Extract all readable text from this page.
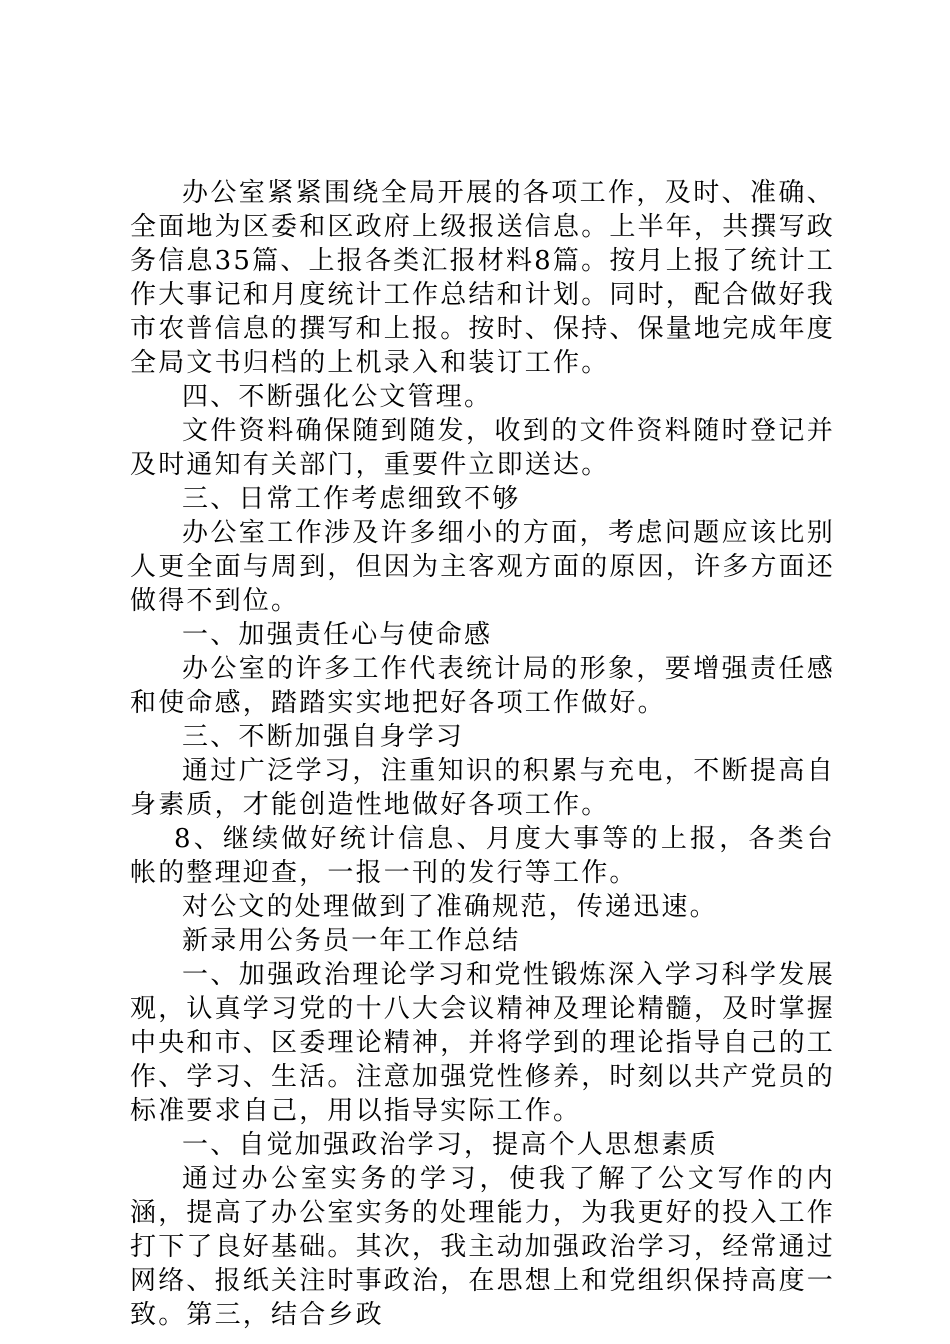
办公室紧紧围绕全局开展的各项工作，及时、准确、全面地为区委和区政府上级报送信息。上半年，共撰写政务信息35篇、上报各类汇报材料8篇。按月上报了统计工作大事记和月度统计工作总结和计划。同时，配合做好我市农普信息的撰写和上报。按时、保持、保量地完成年度全局文书归档的上机录入和装订工作。

四、不断强化公文管理。

文件资料确保随到随发，收到的文件资料随时登记并及时通知有关部门，重要件立即送达。

三、日常工作考虑细致不够

办公室工作涉及许多细小的方面，考虑问题应该比别人更全面与周到，但因为主客观方面的原因，许多方面还做得不到位。

一、加强责任心与使命感

办公室的许多工作代表统计局的形象，要增强责任感和使命感，踏踏实实地把好各项工作做好。

三、不断加强自身学习

通过广泛学习，注重知识的积累与充电，不断提高自身素质，才能创造性地做好各项工作。

8、继续做好统计信息、月度大事等的上报，各类台帐的整理迎查，一报一刊的发行等工作。

对公文的处理做到了准确规范，传递迅速。

新录用公务员一年工作总结

一、加强政治理论学习和党性锻炼深入学习科学发展观，认真学习党的十八大会议精神及理论精髓，及时掌握中央和市、区委理论精神，并将学到的理论指导自己的工作、学习、生活。注意加强党性修养，时刻以共产党员的标准要求自己，用以指导实际工作。

一、自觉加强政治学习，提高个人思想素质

通过办公室实务的学习，使我了解了公文写作的内涵，提高了办公室实务的处理能力，为我更好的投入工作打下了良好基础。其次，我主动加强政治学习，经常通过网络、报纸关注时事政治，在思想上和党组织保持高度一致。第三，结合乡政
